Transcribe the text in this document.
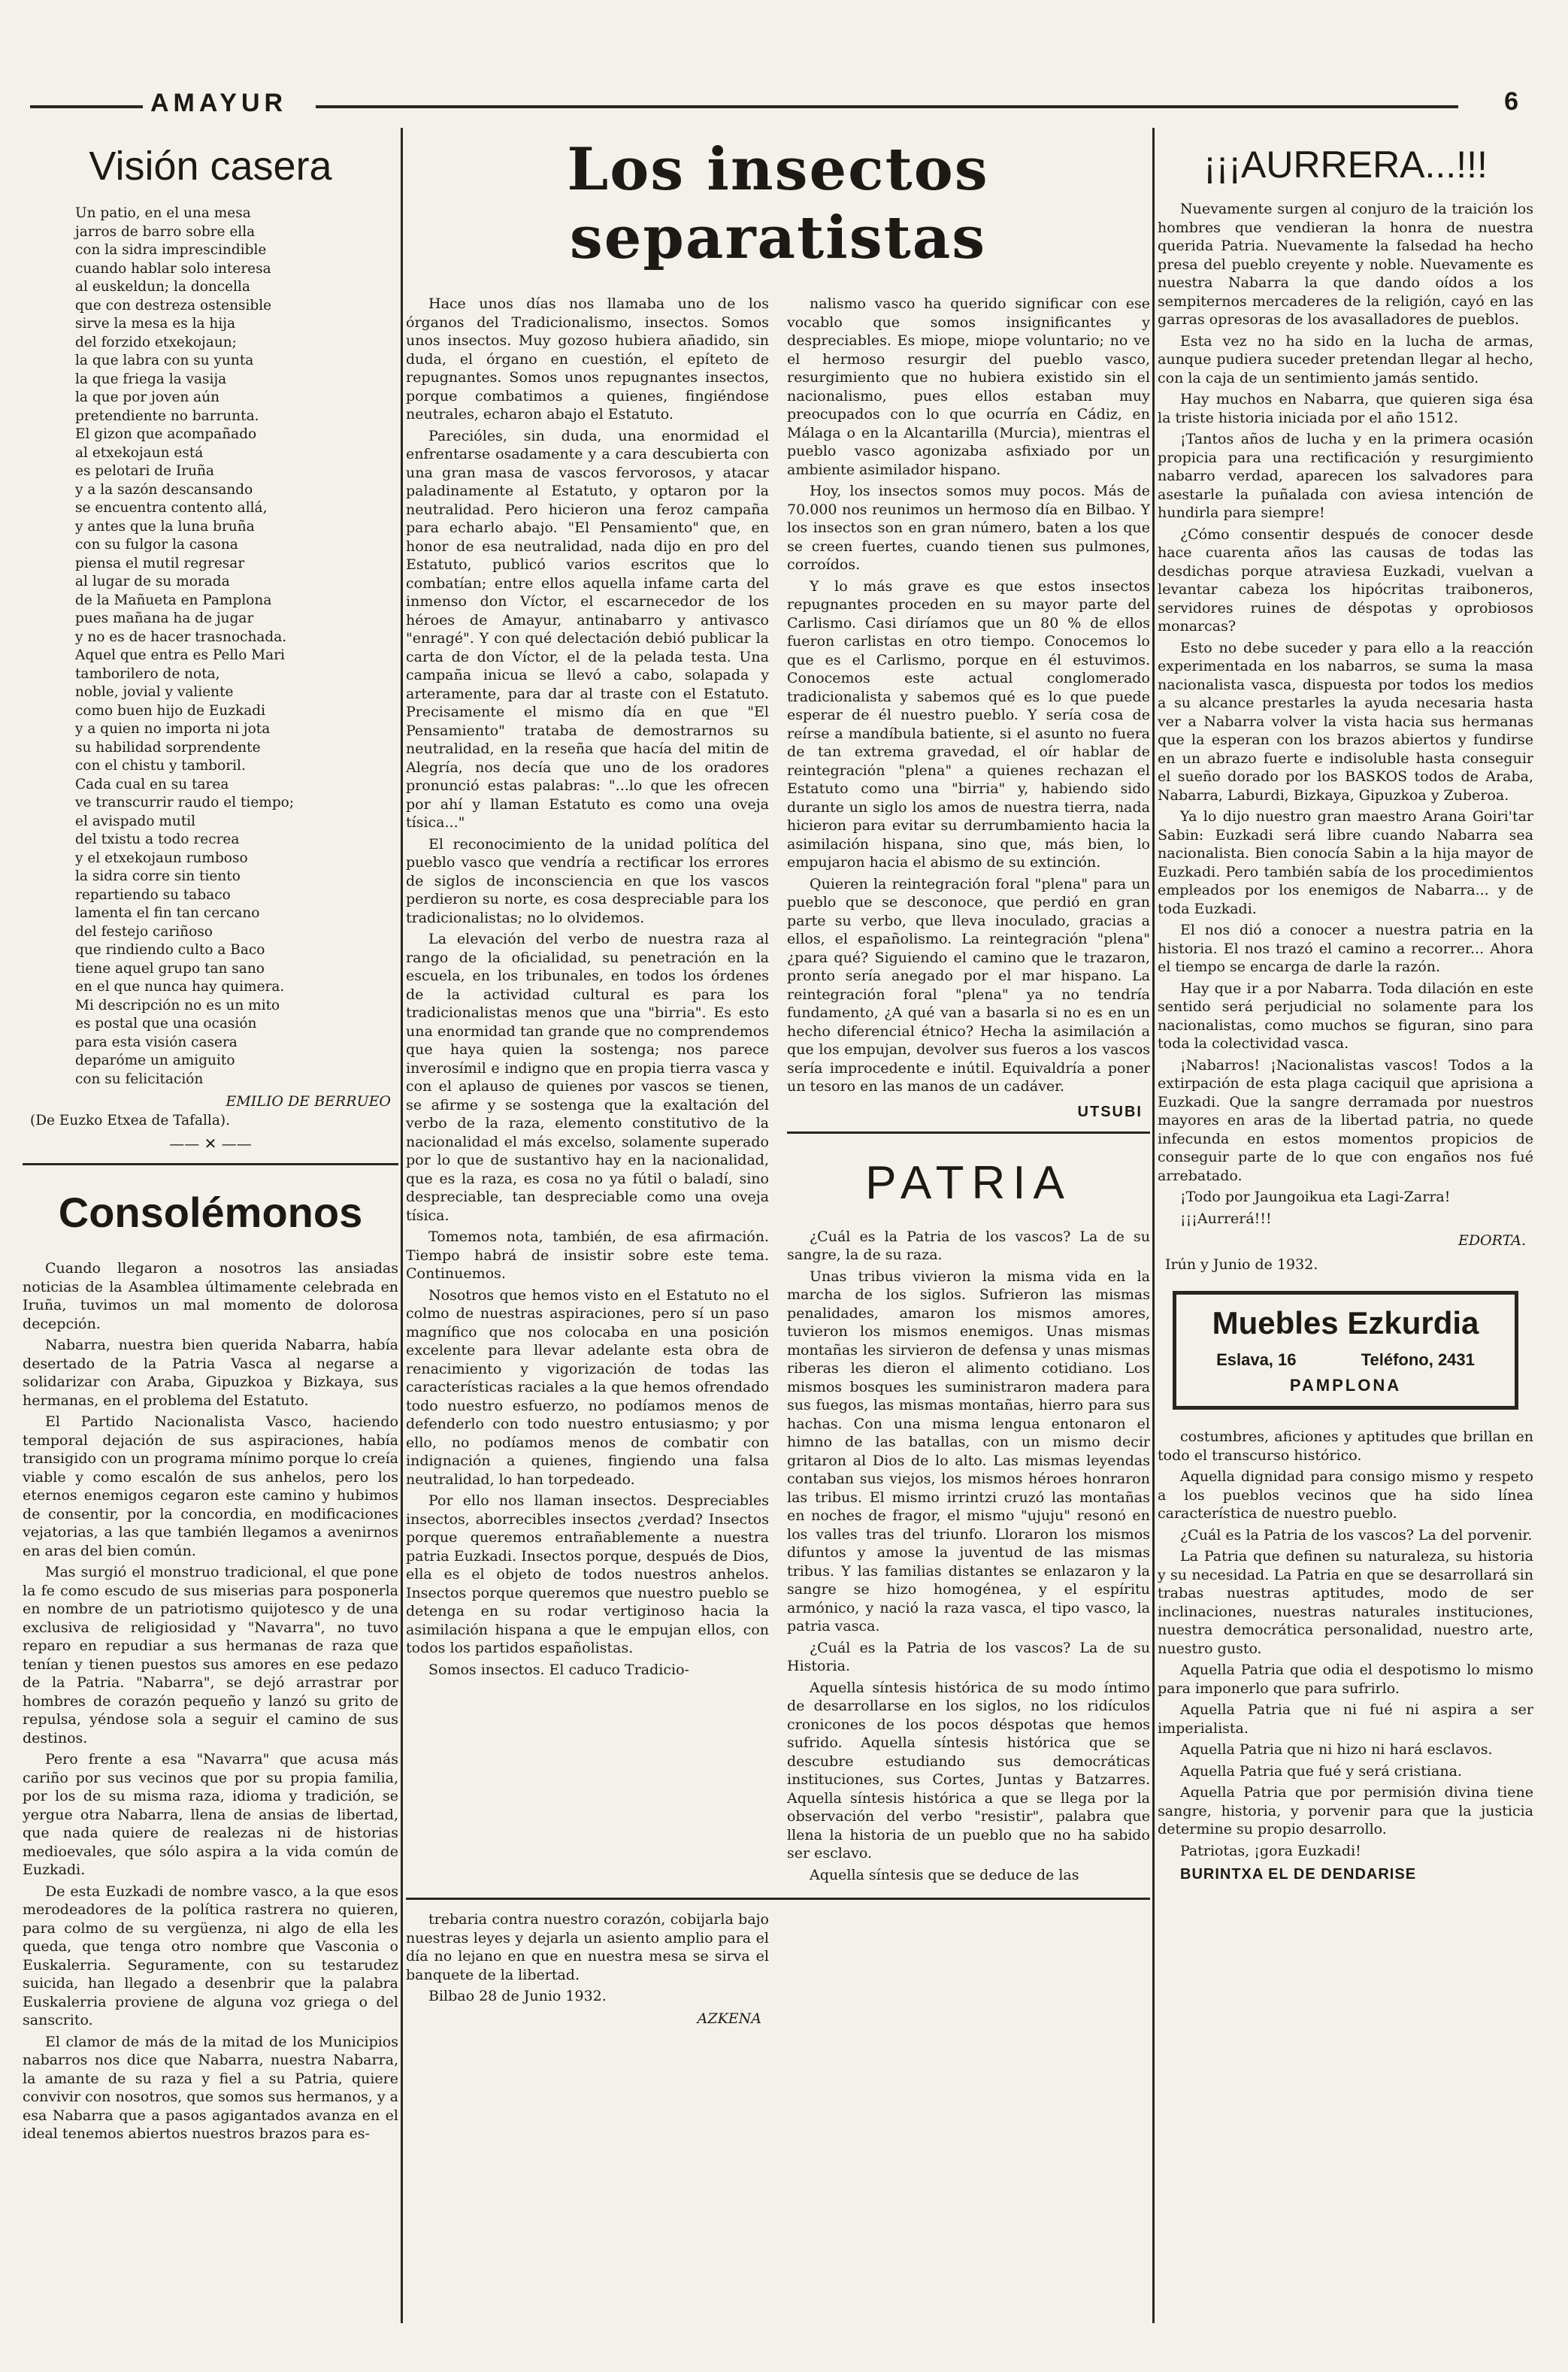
AMAYUR	6
Visión casera

Un patio, en el una mesa

jarros de barro sobre ella

con la sidra imprescindible

cuando hablar solo interesa

al euskeldun; la doncella

que con destreza ostensible

sirve la mesa es la hija

del forzido etxekojaun;

la que labra con su yunta

la que friega la vasija

la que por joven aún

pretendiente no barrunta.

El gizon que acompañado

al etxekojaun está

es pelotari de Iruña

y a la sazón descansando

se encuentra contento allá,

y antes que la luna bruña

con su fulgor la casona

piensa el mutil regresar

al lugar de su morada

de la Mañueta en Pamplona

pues mañana ha de jugar

y no es de hacer trasnochada.

Aquel que entra es Pello Mari

tamborilero de nota,

noble, jovial y valiente

como buen hijo de Euzkadi

y a quien no importa ni jota

su habilidad sorprendente

con el chistu y tamboril.

Cada cual en su tarea

ve transcurrir raudo el tiempo;

el avispado mutil

del txistu a todo recrea

y el etxekojaun rumboso

la sidra corre sin tiento

repartiendo su tabaco

lamenta el fin tan cercano

del festejo cariñoso

que rindiendo culto a Baco

tiene aquel grupo tan sano

en el que nunca hay quimera.

Mi descripción no es un mito

es postal que una ocasión

para esta visión casera

deparóme un amiguito

con su felicitación

EMILIO DE BERRUEO
(De Euzko Etxea de Tafalla).
—— ✕ ——
Consolémonos

Cuando llegaron a nosotros las ansiadas noticias de la Asamblea últimamente celebrada en Iruña, tuvimos un mal momento de dolorosa decepción.

Nabarra, nuestra bien querida Nabarra, había desertado de la Patria Vasca al negarse a solidarizar con Araba, Gipuzkoa y Bizkaya, sus hermanas, en el problema del Estatuto.

El Partido Nacionalista Vasco, haciendo temporal dejación de sus aspiraciones, había transigido con un programa mínimo porque lo creía viable y como escalón de sus anhelos, pero los eternos enemigos cegaron este camino y hubimos de consentir, por la concordia, en modificaciones vejatorias, a las que también llegamos a avenirnos en aras del bien común.

Mas surgió el monstruo tradicional, el que pone la fe como escudo de sus miserias para posponerla en nombre de un patriotismo quijotesco y de una exclusiva de religiosidad y "Navarra", no tuvo reparo en repudiar a sus hermanas de raza que tenían y tienen puestos sus amores en ese pedazo de la Patria. "Nabarra", se dejó arrastrar por hombres de corazón pequeño y lanzó su grito de repulsa, yéndose sola a seguir el camino de sus destinos.

Pero frente a esa "Navarra" que acusa más cariño por sus vecinos que por su propia familia, por los de su misma raza, idioma y tradición, se yergue otra Nabarra, llena de ansias de libertad, que nada quiere de realezas ni de historias medioevales, que sólo aspira a la vida común de Euzkadi.

De esta Euzkadi de nombre vasco, a la que esos merodeadores de la política rastrera no quieren, para colmo de su vergüenza, ni algo de ella les queda, que tenga otro nombre que Vasconia o Euskalerria. Seguramente, con su testarudez suicida, han llegado a desenbrir que la palabra Euskalerria proviene de alguna voz griega o del sanscrito.

El clamor de más de la mitad de los Municipios nabarros nos dice que Nabarra, nuestra Nabarra, la amante de su raza y fiel a su Patria, quiere convivir con nosotros, que somos sus hermanos, y a esa Nabarra que a pasos agigantados avanza en el ideal tenemos abiertos nuestros brazos para es-

Los insectos separatistas

Hace unos días nos llamaba uno de los órganos del Tradicionalismo, insectos. Somos unos insectos. Muy gozoso hubiera añadido, sin duda, el órgano en cuestión, el epíteto de repugnantes. Somos unos repugnantes insectos, porque combatimos a quienes, fingiéndose neutrales, echaron abajo el Estatuto.

Parecióles, sin duda, una enormidad el enfrentarse osadamente y a cara descubierta con una gran masa de vascos fervorosos, y atacar paladinamente al Estatuto, y optaron por la neutralidad. Pero hicieron una feroz campaña para echarlo abajo. "El Pensamiento" que, en honor de esa neutralidad, nada dijo en pro del Estatuto, publicó varios escritos que lo combatían; entre ellos aquella infame carta del inmenso don Víctor, el escarnecedor de los héroes de Amayur, antinabarro y antivasco "enragé". Y con qué delectación debió publicar la carta de don Víctor, el de la pelada testa. Una campaña inicua se llevó a cabo, solapada y arteramente, para dar al traste con el Estatuto. Precisamente el mismo día en que "El Pensamiento" trataba de demostrarnos su neutralidad, en la reseña que hacía del mitin de Alegría, nos decía que uno de los oradores pronunció estas palabras: "...lo que les ofrecen por ahí y llaman Estatuto es como una oveja tísica..."

El reconocimiento de la unidad política del pueblo vasco que vendría a rectificar los errores de siglos de inconsciencia en que los vascos perdieron su norte, es cosa despreciable para los tradicionalistas; no lo olvidemos.

La elevación del verbo de nuestra raza al rango de la oficialidad, su penetración en la escuela, en los tribunales, en todos los órdenes de la actividad cultural es para los tradicionalistas menos que una "birria". Es esto una enormidad tan grande que no comprendemos que haya quien la sostenga; nos parece inverosímil e indigno que en propia tierra vasca y con el aplauso de quienes por vascos se tienen, se afirme y se sostenga que la exaltación del verbo de la raza, elemento constitutivo de la nacionalidad el más excelso, solamente superado por lo que de sustantivo hay en la nacionalidad, que es la raza, es cosa no ya fútil o baladí, sino despreciable, tan despreciable como una oveja tísica.

Tomemos nota, también, de esa afirmación. Tiempo habrá de insistir sobre este tema. Continuemos.

Nosotros que hemos visto en el Estatuto no el colmo de nuestras aspiraciones, pero sí un paso magnífico que nos colocaba en una posición excelente para llevar adelante esta obra de renacimiento y vigorización de todas las características raciales a la que hemos ofrendado todo nuestro esfuerzo, no podíamos menos de defenderlo con todo nuestro entusiasmo; y por ello, no podíamos menos de combatir con indignación a quienes, fingiendo una falsa neutralidad, lo han torpedeado.

Por ello nos llaman insectos. Despreciables insectos, aborrecibles insectos ¿verdad? Insectos porque queremos entrañablemente a nuestra patria Euzkadi. Insectos porque, después de Dios, ella es el objeto de todos nuestros anhelos. Insectos porque queremos que nuestro pueblo se detenga en su rodar vertiginoso hacia la asimilación hispana a que le empujan ellos, con todos los partidos españolistas.

Somos insectos. El caduco Tradicio-

nalismo vasco ha querido significar con ese vocablo que somos insignificantes y despreciables. Es miope, miope voluntario; no ve el hermoso resurgir del pueblo vasco, resurgimiento que no hubiera existido sin el nacionalismo, pues ellos estaban muy preocupados con lo que ocurría en Cádiz, en Málaga o en la Alcantarilla (Murcia), mientras el pueblo vasco agonizaba asfixiado por un ambiente asimilador hispano.

Hoy, los insectos somos muy pocos. Más de 70.000 nos reunimos un hermoso día en Bilbao. Y los insectos son en gran número, baten a los que se creen fuertes, cuando tienen sus pulmones, corroídos.

Y lo más grave es que estos insectos repugnantes proceden en su mayor parte del Carlismo. Casi diríamos que un 80 % de ellos fueron carlistas en otro tiempo. Conocemos lo que es el Carlismo, porque en él estuvimos. Conocemos este actual conglomerado tradicionalista y sabemos qué es lo que puede esperar de él nuestro pueblo. Y sería cosa de reírse a mandíbula batiente, si el asunto no fuera de tan extrema gravedad, el oír hablar de reintegración "plena" a quienes rechazan el Estatuto como una "birria" y, habiendo sido durante un siglo los amos de nuestra tierra, nada hicieron para evitar su derrumbamiento hacia la asimilación hispana, sino que, más bien, lo empujaron hacia el abismo de su extinción.

Quieren la reintegración foral "plena" para un pueblo que se desconoce, que perdió en gran parte su verbo, que lleva inoculado, gracias a ellos, el españolismo. La reintegración "plena" ¿para qué? Siguiendo el camino que le trazaron, pronto sería anegado por el mar hispano. La reintegración foral "plena" ya no tendría fundamento, ¿A qué van a basarla si no es en un hecho diferencial étnico? Hecha la asimilación a que los empujan, devolver sus fueros a los vascos sería improcedente e inútil. Equivaldría a poner un tesoro en las manos de un cadáver.

UTSUBI
PATRIA

¿Cuál es la Patria de los vascos? La de su sangre, la de su raza.

Unas tribus vivieron la misma vida en la marcha de los siglos. Sufrieron las mismas penalidades, amaron los mismos amores, tuvieron los mismos enemigos. Unas mismas montañas les sirvieron de defensa y unas mismas riberas les dieron el alimento cotidiano. Los mismos bosques les suministraron madera para sus fuegos, las mismas montañas, hierro para sus hachas. Con una misma lengua entonaron el himno de las batallas, con un mismo decir gritaron al Dios de lo alto. Las mismas leyendas contaban sus viejos, los mismos héroes honraron las tribus. El mismo irrintzi cruzó las montañas en noches de fragor, el mismo "ujuju" resonó en los valles tras del triunfo. Lloraron los mismos difuntos y amose la juventud de las mismas tribus. Y las familias distantes se enlazaron y la sangre se hizo homogénea, y el espíritu armónico, y nació la raza vasca, el tipo vasco, la patria vasca.

¿Cuál es la Patria de los vascos? La de su Historia.

Aquella síntesis histórica de su modo íntimo de desarrollarse en los siglos, no los ridículos cronicones de los pocos déspotas que hemos sufrido. Aquella síntesis histórica que se descubre estudiando sus democráticas instituciones, sus Cortes, Juntas y Batzarres. Aquella síntesis histórica a que se llega por la observación del verbo "resistir", palabra que llena la historia de un pueblo que no ha sabido ser esclavo.

Aquella síntesis que se deduce de las

trebaria contra nuestro corazón, cobijarla bajo nuestras leyes y dejarla un asiento amplio para el día no lejano en que en nuestra mesa se sirva el banquete de la libertad.

Bilbao 28 de Junio 1932.

AZKENA
¡¡¡AURRERA...!!!

Nuevamente surgen al conjuro de la traición los hombres que vendieran la honra de nuestra querida Patria. Nuevamente la falsedad ha hecho presa del pueblo creyente y noble. Nuevamente es nuestra Nabarra la que dando oídos a los sempiternos mercaderes de la religión, cayó en las garras opresoras de los avasalladores de pueblos.

Esta vez no ha sido en la lucha de armas, aunque pudiera suceder pretendan llegar al hecho, con la caja de un sentimiento jamás sentido.

Hay muchos en Nabarra, que quieren siga ésa la triste historia iniciada por el año 1512.

¡Tantos años de lucha y en la primera ocasión propicia para una rectificación y resurgimiento nabarro verdad, aparecen los salvadores para asestarle la puñalada con aviesa intención de hundirla para siempre!

¿Cómo consentir después de conocer desde hace cuarenta años las causas de todas las desdichas porque atraviesa Euzkadi, vuelvan a levantar cabeza los hipócritas traiboneros, servidores ruines de déspotas y oprobiosos monarcas?

Esto no debe suceder y para ello a la reacción experimentada en los nabarros, se suma la masa nacionalista vasca, dispuesta por todos los medios a su alcance prestarles la ayuda necesaria hasta ver a Nabarra volver la vista hacia sus hermanas que la esperan con los brazos abiertos y fundirse en un abrazo fuerte e indisoluble hasta conseguir el sueño dorado por los BASKOS todos de Araba, Nabarra, Laburdi, Bizkaya, Gipuzkoa y Zuberoa.

Ya lo dijo nuestro gran maestro Arana Goiri'tar Sabin: Euzkadi será libre cuando Nabarra sea nacionalista. Bien conocía Sabin a la hija mayor de Euzkadi. Pero también sabía de los procedimientos empleados por los enemigos de Nabarra... y de toda Euzkadi.

El nos dió a conocer a nuestra patria en la historia. El nos trazó el camino a recorrer... Ahora el tiempo se encarga de darle la razón.

Hay que ir a por Nabarra. Toda dilación en este sentido será perjudicial no solamente para los nacionalistas, como muchos se figuran, sino para toda la colectividad vasca.

¡Nabarros! ¡Nacionalistas vascos! Todos a la extirpación de esta plaga caciquil que aprisiona a Euzkadi. Que la sangre derramada por nuestros mayores en aras de la libertad patria, no quede infecunda en estos momentos propicios de conseguir parte de lo que con engaños nos fué arrebatado.

¡Todo por Jaungoikua eta Lagi-Zarra!

¡¡¡Aurrerá!!!

EDORTA.
Irún y Junio de 1932.
Muebles Ezkurdia
Eslava, 16	Teléfono, 2431
PAMPLONA

costumbres, aficiones y aptitudes que brillan en todo el transcurso histórico.

Aquella dignidad para consigo mismo y respeto a los pueblos vecinos que ha sido línea característica de nuestro pueblo.

¿Cuál es la Patria de los vascos? La del porvenir.

La Patria que definen su naturaleza, su historia y su necesidad. La Patria en que se desarrollará sin trabas nuestras aptitudes, modo de ser inclinaciones, nuestras naturales instituciones, nuestra democrática personalidad, nuestro arte, nuestro gusto.

Aquella Patria que odia el despotismo lo mismo para imponerlo que para sufrirlo.

Aquella Patria que ni fué ni aspira a ser imperialista.

Aquella Patria que ni hizo ni hará esclavos.

Aquella Patria que fué y será cristiana.

Aquella Patria que por permisión divina tiene sangre, historia, y porvenir para que la justicia determine su propio desarrollo.

Patriotas, ¡gora Euzkadi!

BURINTXA EL DE DENDARISE
